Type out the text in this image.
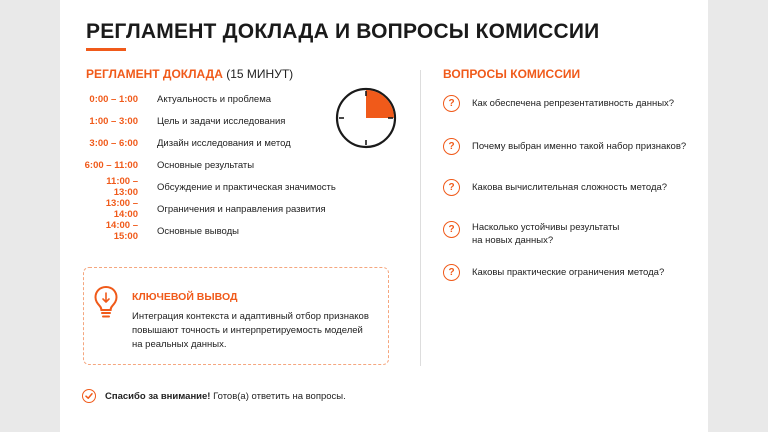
РЕГЛАМЕНТ ДОКЛАДА И ВОПРОСЫ КОМИССИИ
РЕГЛАМЕНТ ДОКЛАДА (15 МИНУТ)
0:00 – 1:00 Актуальность и проблема
1:00 – 3:00 Цель и задачи исследования
3:00 – 6:00 Дизайн исследования и метод
6:00 – 11:00 Основные результаты
11:00 – 13:00 Обсуждение и практическая значимость
13:00 – 14:00 Ограничения и направления развития
14:00 – 15:00 Основные выводы
ВОПРОСЫ КОМИССИИ
?	Как обеспечена репрезентативность данных?
?	Почему выбран именно такой набор признаков?
?	Какова вычислительная сложность метода?
?	Насколько устойчивы результаты
на новых данных?
?	Каковы практические ограничения метода?
КЛЮЧЕВОЙ ВЫВОД
Интеграция контекста и адаптивный отбор признаков
повышают точность и интерпретируемость моделей
на реальных данных.
Спасибо за внимание! Готов(а) ответить на вопросы.
